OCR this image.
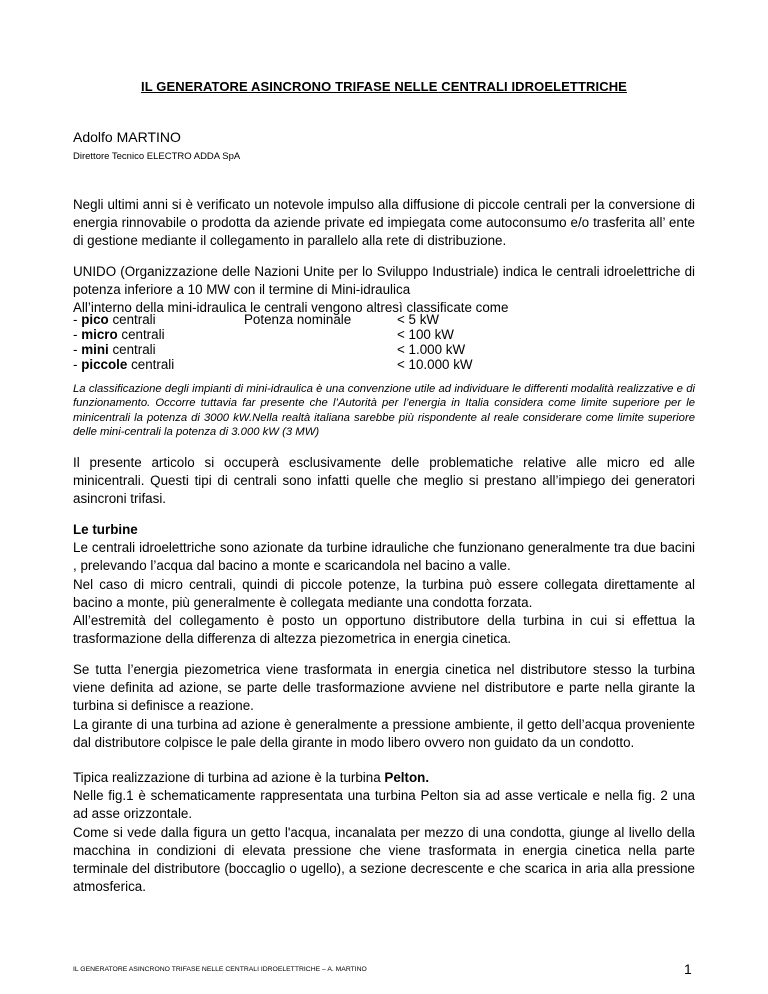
IL GENERATORE ASINCRONO TRIFASE NELLE CENTRALI IDROELETTRICHE
Adolfo MARTINO
Direttore Tecnico ELECTRO ADDA SpA
Negli ultimi anni si è verificato un notevole impulso alla diffusione di piccole centrali per la conversione di energia rinnovabile o prodotta da aziende private ed impiegata come autoconsumo e/o trasferita all’ ente di gestione mediante il collegamento in parallelo alla rete di distribuzione.
UNIDO (Organizzazione delle Nazioni Unite per lo Sviluppo Industriale) indica le centrali idroelettriche di potenza inferiore a 10 MW con il termine di Mini-idraulica
All’interno della mini-idraulica le centrali vengono altresì classificate come
- pico centrali
- micro centrali
- mini centrali
- piccole centrali
Potenza nominale	< 5 kW
< 100 kW
< 1.000 kW
< 10.000 kW
La classificazione degli impianti di mini-idraulica è una convenzione utile ad individuare le differenti modalità realizzative e di funzionamento. Occorre tuttavia far presente che l’Autorità per l’energia in Italia considera come limite superiore per le minicentrali la potenza di 3000 kW.Nella realtà italiana sarebbe più rispondente al reale considerare come limite superiore delle mini-centrali la potenza di 3.000 kW (3 MW)
Il presente articolo si occuperà esclusivamente delle problematiche relative alle micro ed alle minicentrali. Questi tipi di centrali sono infatti quelle che meglio si prestano all’impiego dei generatori asincroni trifasi.
Le turbine
Le centrali idroelettriche sono azionate da turbine idrauliche che funzionano generalmente tra due bacini , prelevando l’acqua dal bacino a monte e scaricandola nel bacino a valle.
Nel caso di micro centrali, quindi di piccole potenze, la turbina può essere collegata direttamente al bacino a monte, più generalmente è collegata mediante una condotta forzata.
All’estremità del collegamento è posto un opportuno distributore della turbina in cui si effettua la trasformazione della differenza di altezza piezometrica in energia cinetica.
Se tutta l’energia piezometrica viene trasformata in energia cinetica nel distributore stesso la turbina viene definita ad azione, se parte delle trasformazione avviene nel distributore e parte nella girante la turbina si definisce a reazione.
La girante di una turbina ad azione è generalmente a pressione ambiente, il getto dell’acqua proveniente dal distributore colpisce le pale della girante in modo libero ovvero non guidato da un condotto.
Tipica realizzazione di turbina ad azione è la turbina Pelton.
Nelle fig.1 è schematicamente rappresentata una turbina Pelton sia ad asse verticale e nella fig. 2 una ad asse orizzontale.
Come si vede dalla figura un getto l'acqua, incanalata per mezzo di una condotta, giunge al livello della macchina in condizioni di elevata pressione che viene trasformata in energia cinetica nella parte terminale del distributore (boccaglio o ugello), a sezione decrescente e che scarica in aria alla pressione atmosferica.
IL GENERATORE ASINCRONO TRIFASE NELLE CENTRALI IDROELETTRICHE – A. MARTINO	1
